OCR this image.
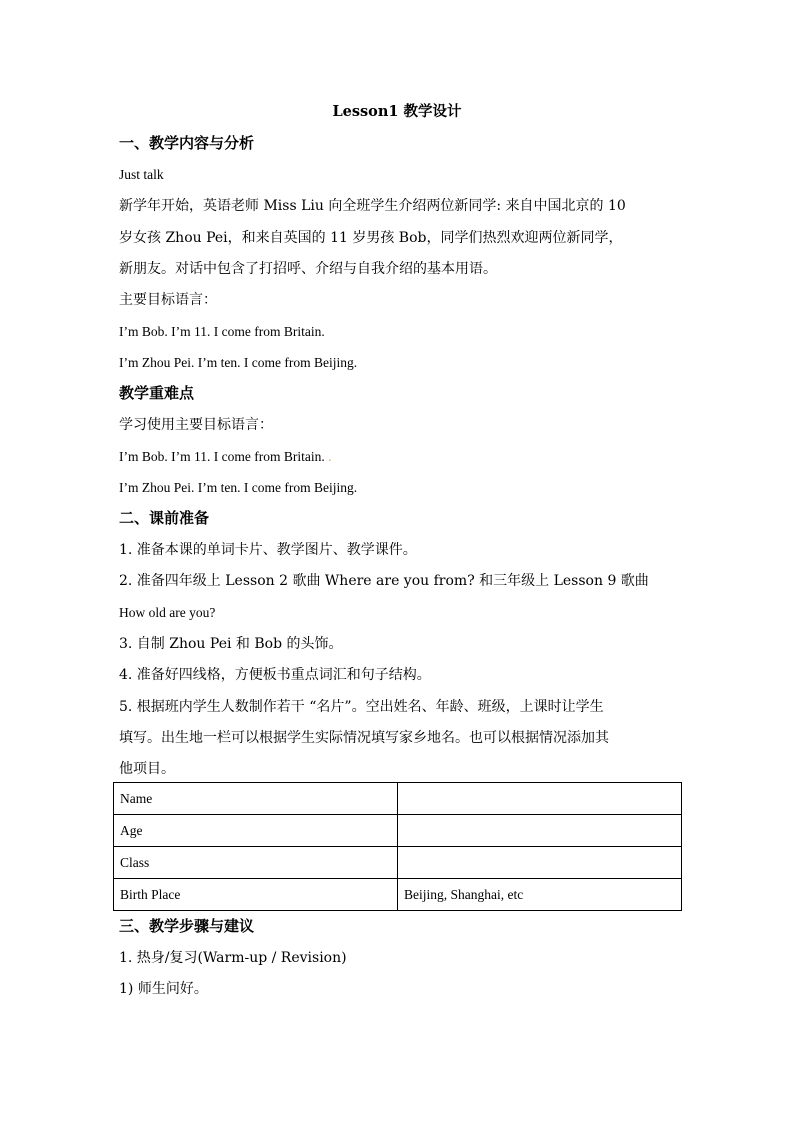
Lesson1 教学设计
一、教学内容与分析
Just talk
新学年开始，英语老师 Miss Liu 向全班学生介绍两位新同学: 来自中国北京的 10
岁女孩 Zhou Pei，和来自英国的 11 岁男孩 Bob，同学们热烈欢迎两位新同学，
新朋友。对话中包含了打招呼、介绍与自我介绍的基本用语。
主要目标语言：
I’m Bob. I’m 11. I come from Britain.
I’m Zhou Pei. I’m ten. I come from Beijing.
教学重难点
学习使用主要目标语言：
I’m Bob. I’m 11. I come from Britain. .
I’m Zhou Pei. I’m ten. I come from Beijing.
二、课前准备
1. 准备本课的单词卡片、教学图片、教学课件。
2. 准备四年级上 Lesson 2 歌曲 Where are you from? 和三年级上 Lesson 9 歌曲
How old are you?
3. 自制 Zhou Pei 和 Bob 的头饰。
4. 准备好四线格，方便板书重点词汇和句子结构。
5. 根据班内学生人数制作若干 “名片”。空出姓名、年龄、班级，上课时让学生
填写。出生地一栏可以根据学生实际情况填写家乡地名。也可以根据情况添加其
他项目。
Name	
Age	
Class	
Birth Place	Beijing, Shanghai, etc
三、教学步骤与建议
1. 热身/复习(Warm-up / Revision)
1) 师生问好。
